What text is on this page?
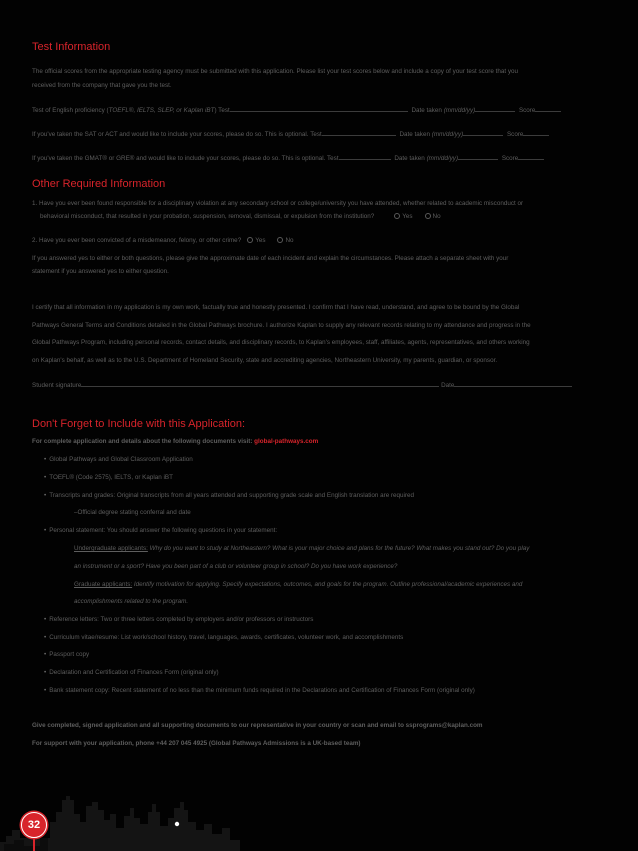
Test Information
The official scores from the appropriate testing agency must be submitted with this application. Please list your test scores below and include a copy of your test score that you
received from the company that gave you the test.
Test of English proficiency (TOEFL®, IELTS, SLEP, or Kaplan iBT) Test	Date taken (mm/dd/yy)	Score
If you've taken the SAT or ACT and would like to include your scores, please do so. This is optional. Test	Date taken (mm/dd/yy)	Score
If you've taken the GMAT® or GRE® and would like to include your scores, please do so. This is optional. Test	Date taken (mm/dd/yy)	Score
Other Required Information
1. Have you ever been found responsible for a disciplinary violation at any secondary school or college/university you have attended, whether related to academic misconduct or
behavioral misconduct, that resulted in your probation, suspension, removal, dismissal, or expulsion from the institution?	Yes	No
2. Have you ever been convicted of a misdemeanor, felony, or other crime? Yes	No
If you answered yes to either or both questions, please give the approximate date of each incident and explain the circumstances. Please attach a separate sheet with your
statement if you answered yes to either question.
I certify that all information in my application is my own work, factually true and honestly presented. I confirm that I have read, understand, and agree to be bound by the Global
Pathways General Terms and Conditions detailed in the Global Pathways brochure. I authorize Kaplan to supply any relevant records relating to my attendance and progress in the
Global Pathways Program, including personal records, contact details, and disciplinary records, to Kaplan's employees, staff, affiliates, agents, representatives, and others working
on Kaplan's behalf, as well as to the U.S. Department of Homeland Security, state and accrediting agencies, Northeastern University, my parents, guardian, or sponsor.
Student signature	Date
Don't Forget to Include with this Application:
For complete application and details about the following documents visit: global-pathways.com
• Global Pathways and Global Classroom Application
• TOEFL® (Code 2575), IELTS, or Kaplan iBT
• Transcripts and grades: Original transcripts from all years attended and supporting grade scale and English translation are required
–Official degree stating conferral and date
• Personal statement: You should answer the following questions in your statement:
Undergraduate applicants: Why do you want to study at Northeastern? What is your major choice and plans for the future? What makes you stand out? Do you play
an instrument or a sport? Have you been part of a club or volunteer group in school? Do you have work experience?
Graduate applicants: Identify motivation for applying. Specify expectations, outcomes, and goals for the program. Outline professional/academic experiences and
accomplishments related to the program.
• Reference letters: Two or three letters completed by employers and/or professors or instructors
• Curriculum vitae/resume: List work/school history, travel, languages, awards, certificates, volunteer work, and accomplishments
• Passport copy
• Declaration and Certification of Finances Form (original only)
• Bank statement copy: Recent statement of no less than the minimum funds required in the Declarations and Certification of Finances Form (original only)
Give completed, signed application and all supporting documents to our representative in your country or scan and email to ssprograms@kaplan.com
For support with your application, phone +44 207 045 4925 (Global Pathways Admissions is a UK-based team)
32
